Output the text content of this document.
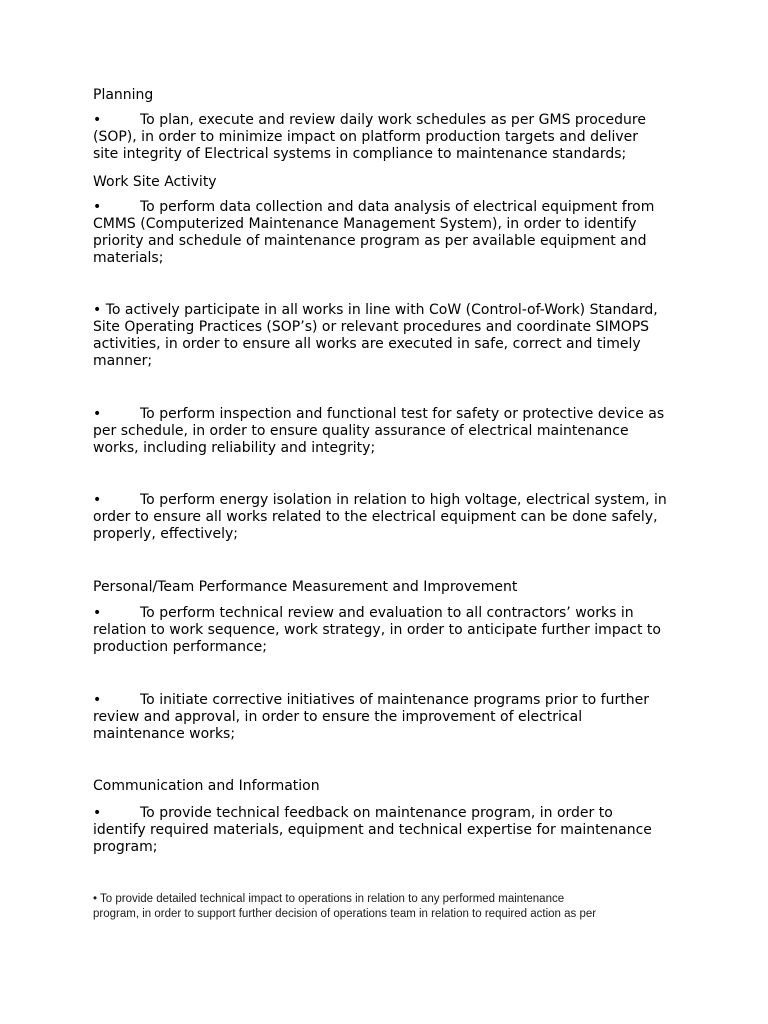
Planning
•	To plan, execute and review daily work schedules as per GMS procedure
(SOP), in order to minimize impact on platform production targets and deliver
site integrity of Electrical systems in compliance to maintenance standards;
Work Site Activity
•	To perform data collection and data analysis of electrical equipment from
CMMS (Computerized Maintenance Management System), in order to identify
priority and schedule of maintenance program as per available equipment and
materials;
• To actively participate in all works in line with CoW (Control-of-Work) Standard,
Site Operating Practices (SOP’s) or relevant procedures and coordinate SIMOPS
activities, in order to ensure all works are executed in safe, correct and timely
manner;
•	To perform inspection and functional test for safety or protective device as
per schedule, in order to ensure quality assurance of electrical maintenance
works, including reliability and integrity;
•	To perform energy isolation in relation to high voltage, electrical system, in
order to ensure all works related to the electrical equipment can be done safely,
properly, effectively;
Personal/Team Performance Measurement and Improvement
•	To perform technical review and evaluation to all contractors’ works in
relation to work sequence, work strategy, in order to anticipate further impact to
production performance;
•	To initiate corrective initiatives of maintenance programs prior to further
review and approval, in order to ensure the improvement of electrical
maintenance works;
Communication and Information
•	To provide technical feedback on maintenance program, in order to
identify required materials, equipment and technical expertise for maintenance
program;
• To provide detailed technical impact to operations in relation to any performed maintenance
program, in order to support further decision of operations team in relation to required action as per
